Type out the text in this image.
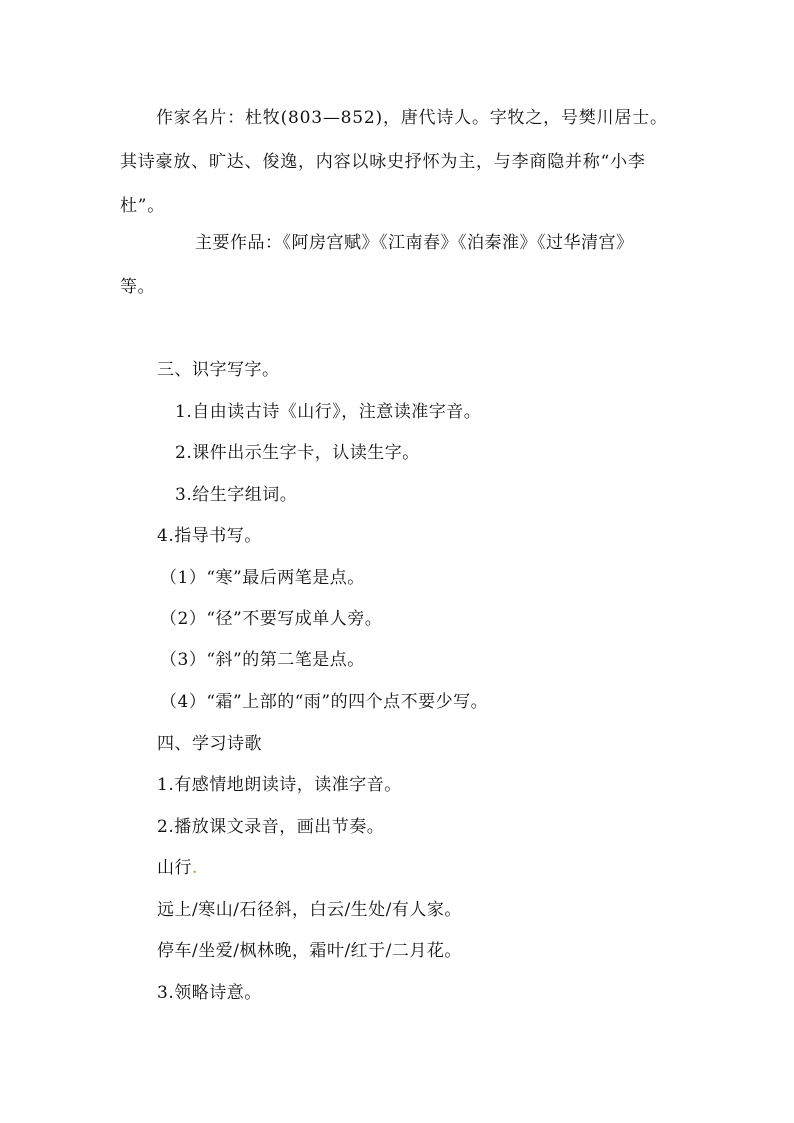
作家名片：杜牧(803—852)，唐代诗人。字牧之，号樊川居士。其诗豪放、旷达、俊逸，内容以咏史抒怀为主，与李商隐并称“小李杜”。
主要作品：《阿房宫赋》《江南春》《泊秦淮》《过华清宫》
等。
三、识字写字。
1.自由读古诗《山行》，注意读准字音。
2.课件出示生字卡，认读生字。
3.给生字组词。
4.指导书写。
（1）“寒”最后两笔是点。
（2）“径”不要写成单人旁。
（3）“斜”的第二笔是点。
（4）“霜”上部的“雨”的四个点不要少写。
四、学习诗歌
1.有感情地朗读诗，读准字音。
2.播放课文录音，画出节奏。
山行.
远上/寒山/石径斜，白云/生处/有人家。
停车/坐爱/枫林晚，霜叶/红于/二月花。
3.领略诗意。
